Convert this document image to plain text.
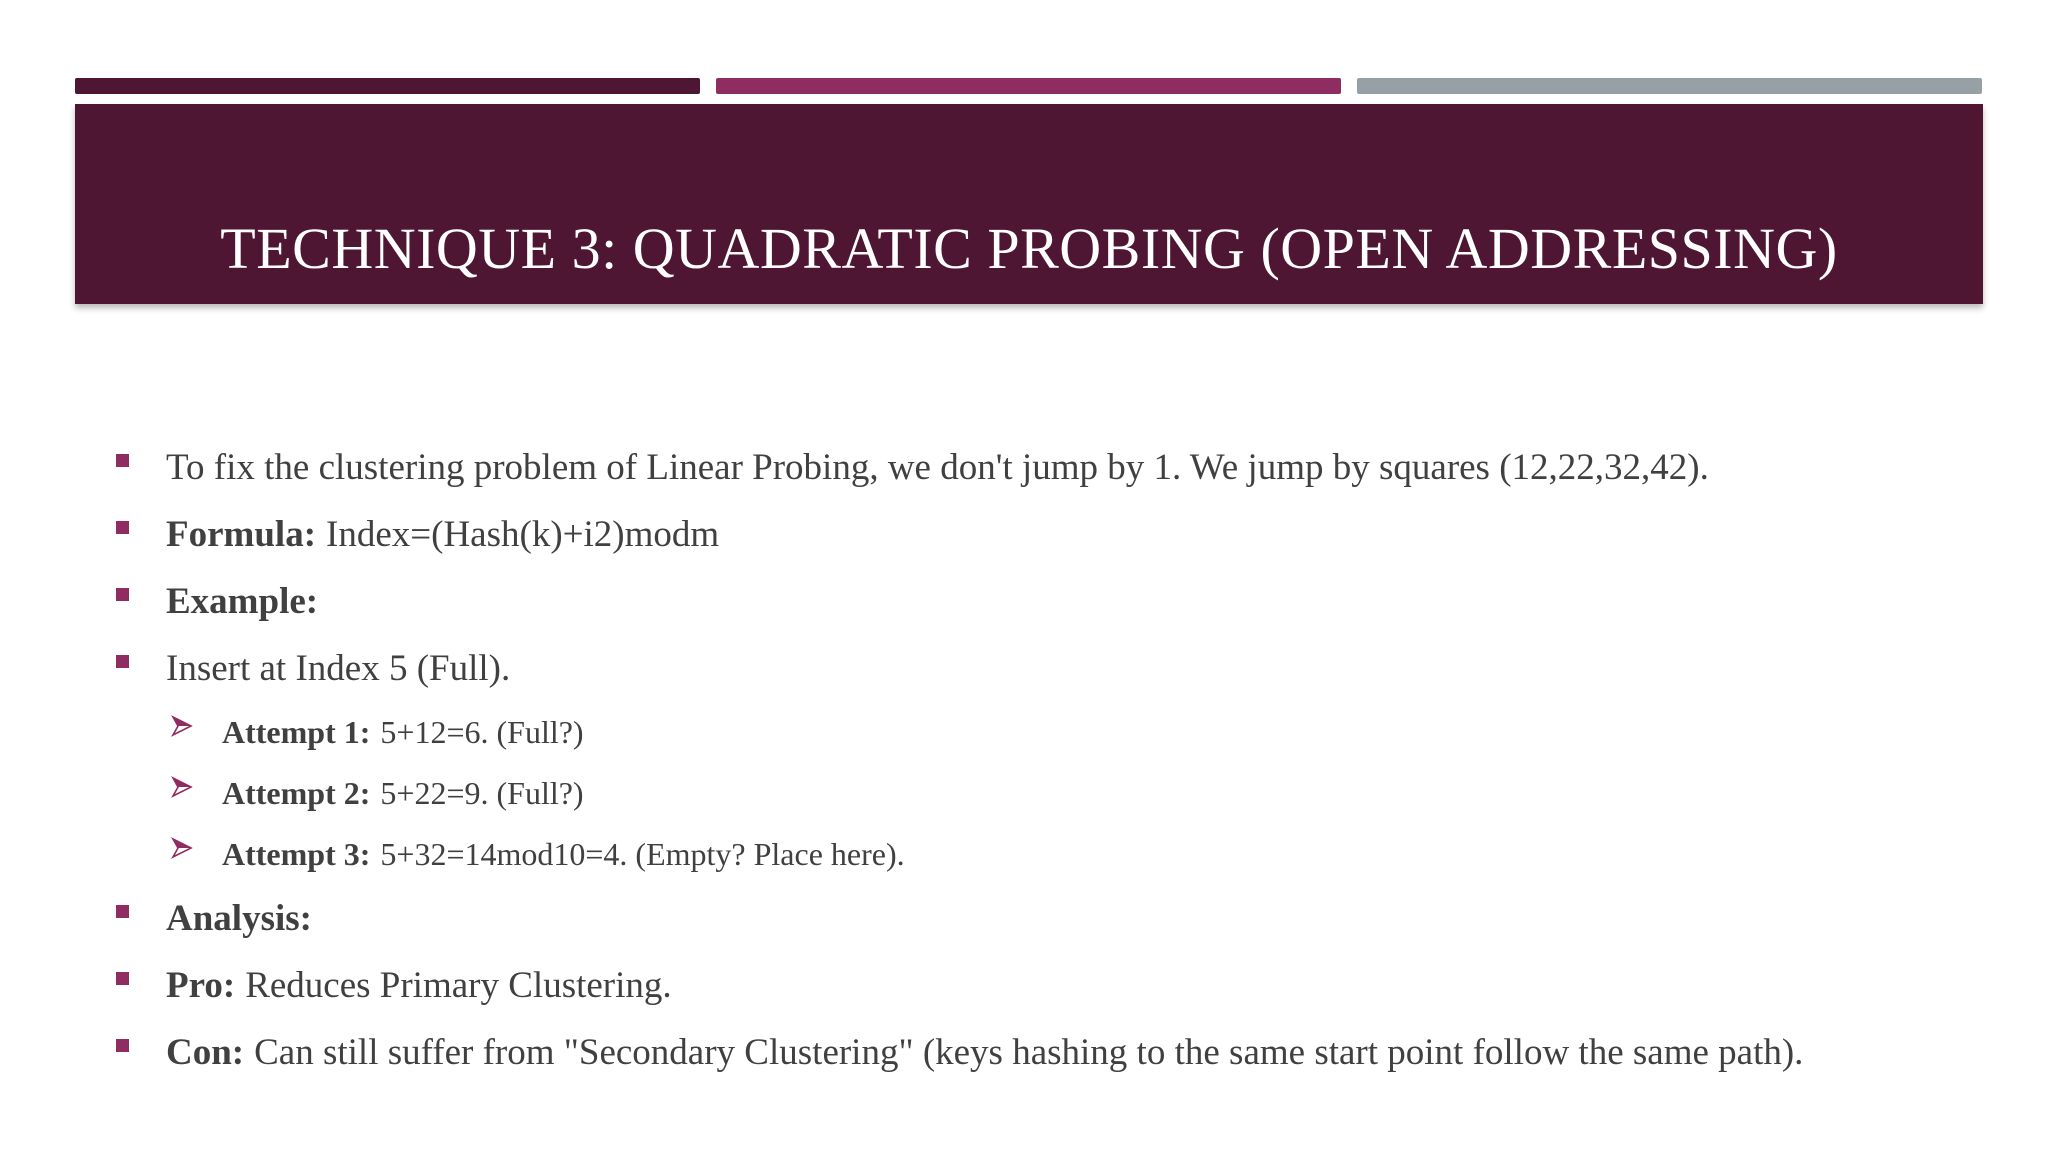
TECHNIQUE 3: QUADRATIC PROBING (OPEN ADDRESSING)
To fix the clustering problem of Linear Probing, we don't jump by 1. We jump by squares (12,22,32,42).
Formula: Index=(Hash(k)+i2)modm
Example:
Insert at Index 5 (Full).
Attempt 1: 5+12=6. (Full?)
Attempt 2: 5+22=9. (Full?)
Attempt 3: 5+32=14mod10=4. (Empty? Place here).
Analysis:
Pro: Reduces Primary Clustering.
Con: Can still suffer from "Secondary Clustering" (keys hashing to the same start point follow the same path).
